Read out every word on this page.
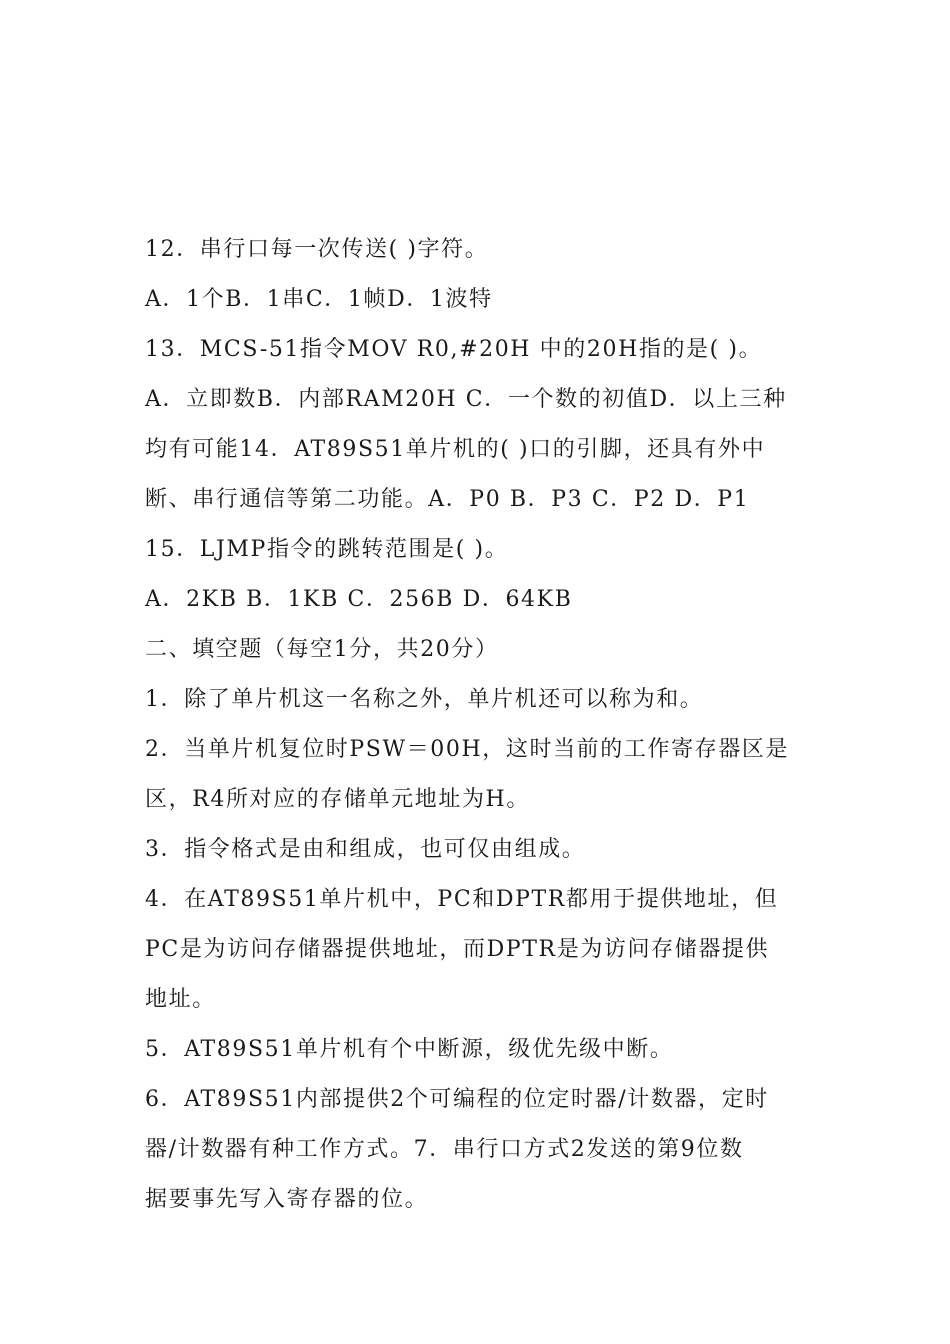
12．串行口每一次传送( )字符。
A．1个B．1串C．1帧D．1波特
13．MCS-51指令MOV R0,#20H 中的20H指的是( )。
A．立即数B．内部RAM20H C．一个数的初值D．以上三种
均有可能14．AT89S51单片机的( )口的引脚，还具有外中
断、串行通信等第二功能。A．P0 B．P3 C．P2 D．P1
15．LJMP指令的跳转范围是( )。
A．2KB B．1KB C．256B D．64KB
二、填空题（每空1分，共20分）
1．除了单片机这一名称之外，单片机还可以称为和。
2．当单片机复位时PSW＝00H，这时当前的工作寄存器区是
区，R4所对应的存储单元地址为H。
3．指令格式是由和组成，也可仅由组成。
4．在AT89S51单片机中，PC和DPTR都用于提供地址，但
PC是为访问存储器提供地址，而DPTR是为访问存储器提供
地址。
5．AT89S51单片机有个中断源，级优先级中断。
6．AT89S51内部提供2个可编程的位定时器/计数器，定时
器/计数器有种工作方式。7．串行口方式2发送的第9位数
据要事先写入寄存器的位。
